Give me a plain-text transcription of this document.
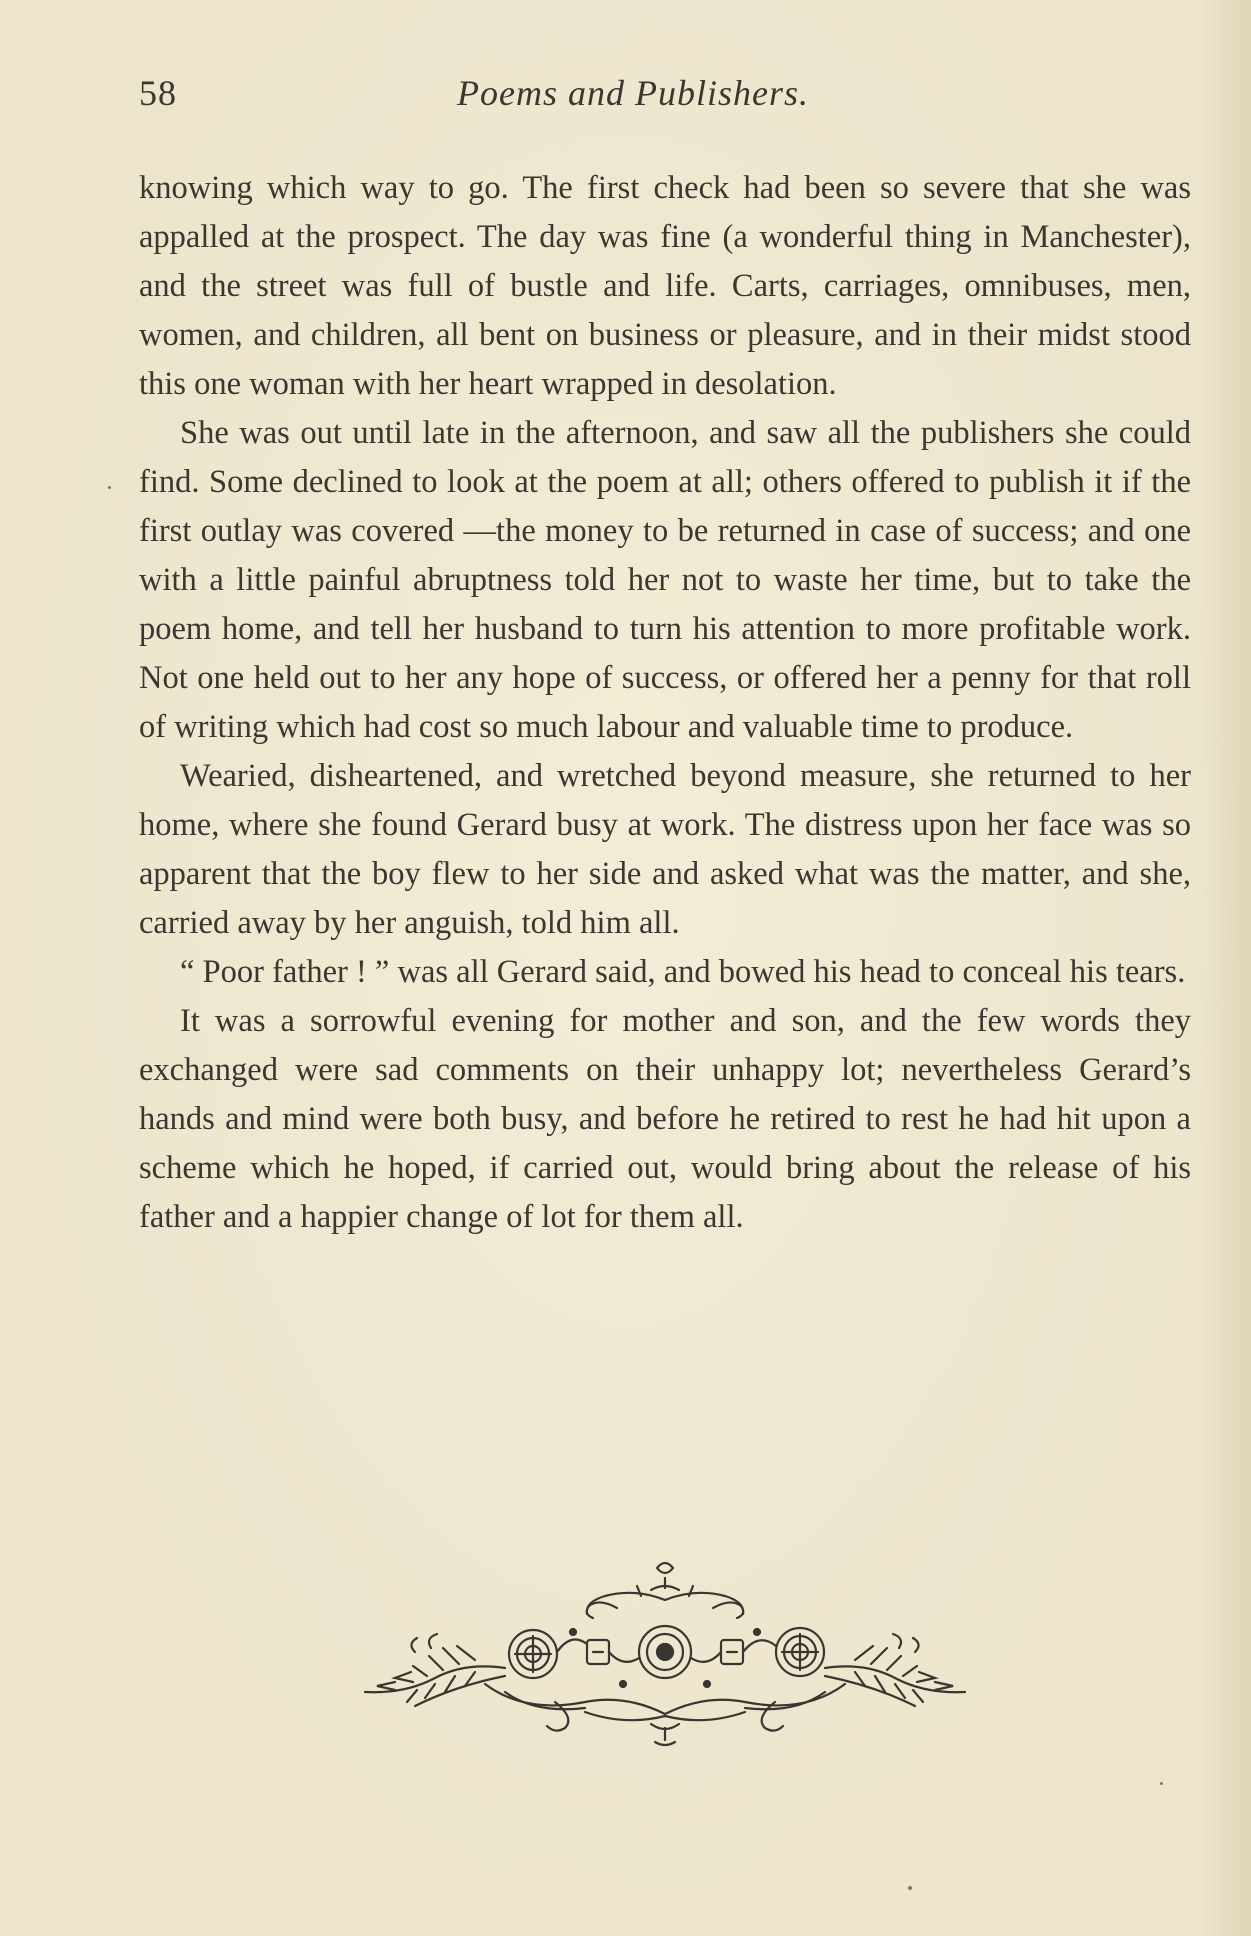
58	Poems and Publishers.

knowing which way to go. The first check had been so severe that she was appalled at the prospect. The day was fine (a wonderful thing in Manchester), and the street was full of bustle and life. Carts, carriages, omnibuses, men, women, and children, all bent on business or pleasure, and in their midst stood this one woman with her heart wrapped in desolation.

She was out until late in the afternoon, and saw all the publishers she could find. Some declined to look at the poem at all; others offered to publish it if the first outlay was covered —the money to be returned in case of success; and one with a little painful abruptness told her not to waste her time, but to take the poem home, and tell her husband to turn his attention to more profitable work. Not one held out to her any hope of success, or offered her a penny for that roll of writing which had cost so much labour and valuable time to produce.

Wearied, disheartened, and wretched beyond measure, she returned to her home, where she found Gerard busy at work. The distress upon her face was so apparent that the boy flew to her side and asked what was the matter, and she, carried away by her anguish, told him all.

“ Poor father ! ” was all Gerard said, and bowed his head to conceal his tears.

It was a sorrowful evening for mother and son, and the few words they exchanged were sad comments on their unhappy lot; nevertheless Gerard’s hands and mind were both busy, and before he retired to rest he had hit upon a scheme which he hoped, if carried out, would bring about the release of his father and a happier change of lot for them all.
